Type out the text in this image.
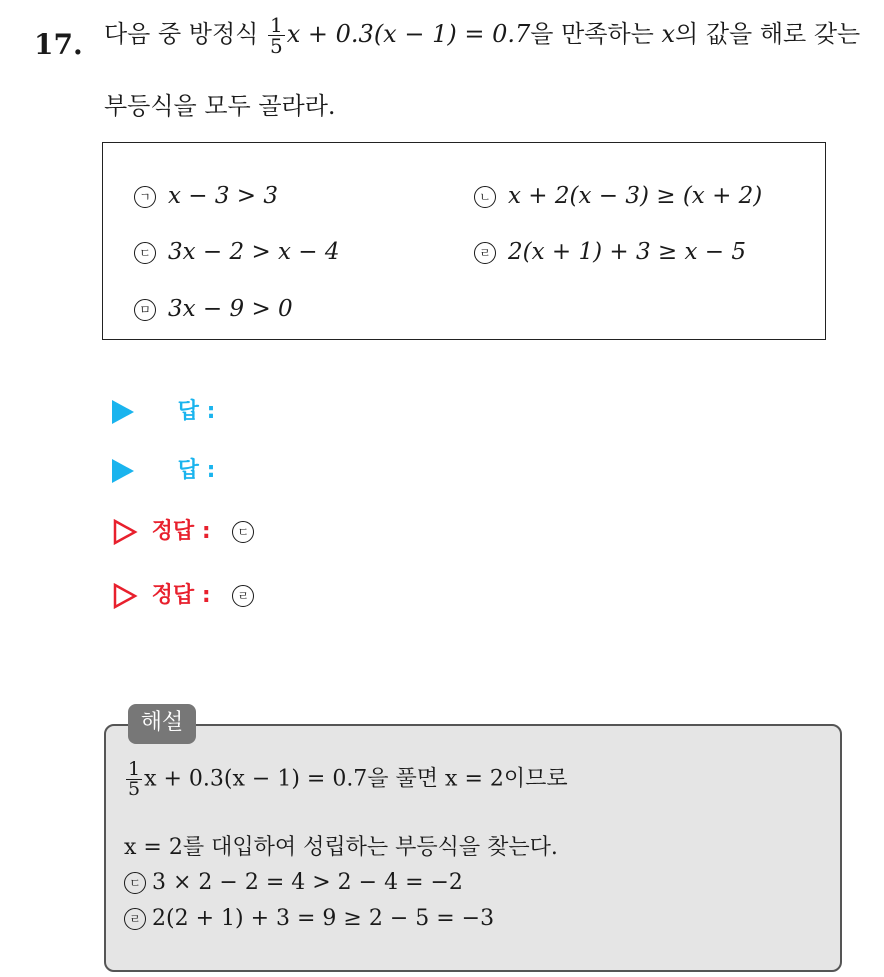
17. 다음 중 방정식 $\frac{1}{5}$ x + 0.3(x − 1) = 0.7을 만족하는 x의 값을 해로 갖는
부등식을 모두 골라라.
ㄱ x − 3 > 3	ㄴ x + 2(x − 3) ≥ (x + 2)
ㄷ 3x − 2 > x − 4	ㄹ 2(x + 1) + 3 ≥ x − 5
ㅁ 3x − 9 > 0
답 :
답 :
정답 : ㄷ
정답 : ㄹ
해설
$\frac{1}{5}$ x + 0.3(x − 1) = 0.7을 풀면 x = 2이므로
x = 2를 대입하여 성립하는 부등식을 찾는다.
ㄷ 3 × 2 − 2 = 4 > 2 − 4 = −2
ㄹ 2(2 + 1) + 3 = 9 ≥ 2 − 5 = −3
